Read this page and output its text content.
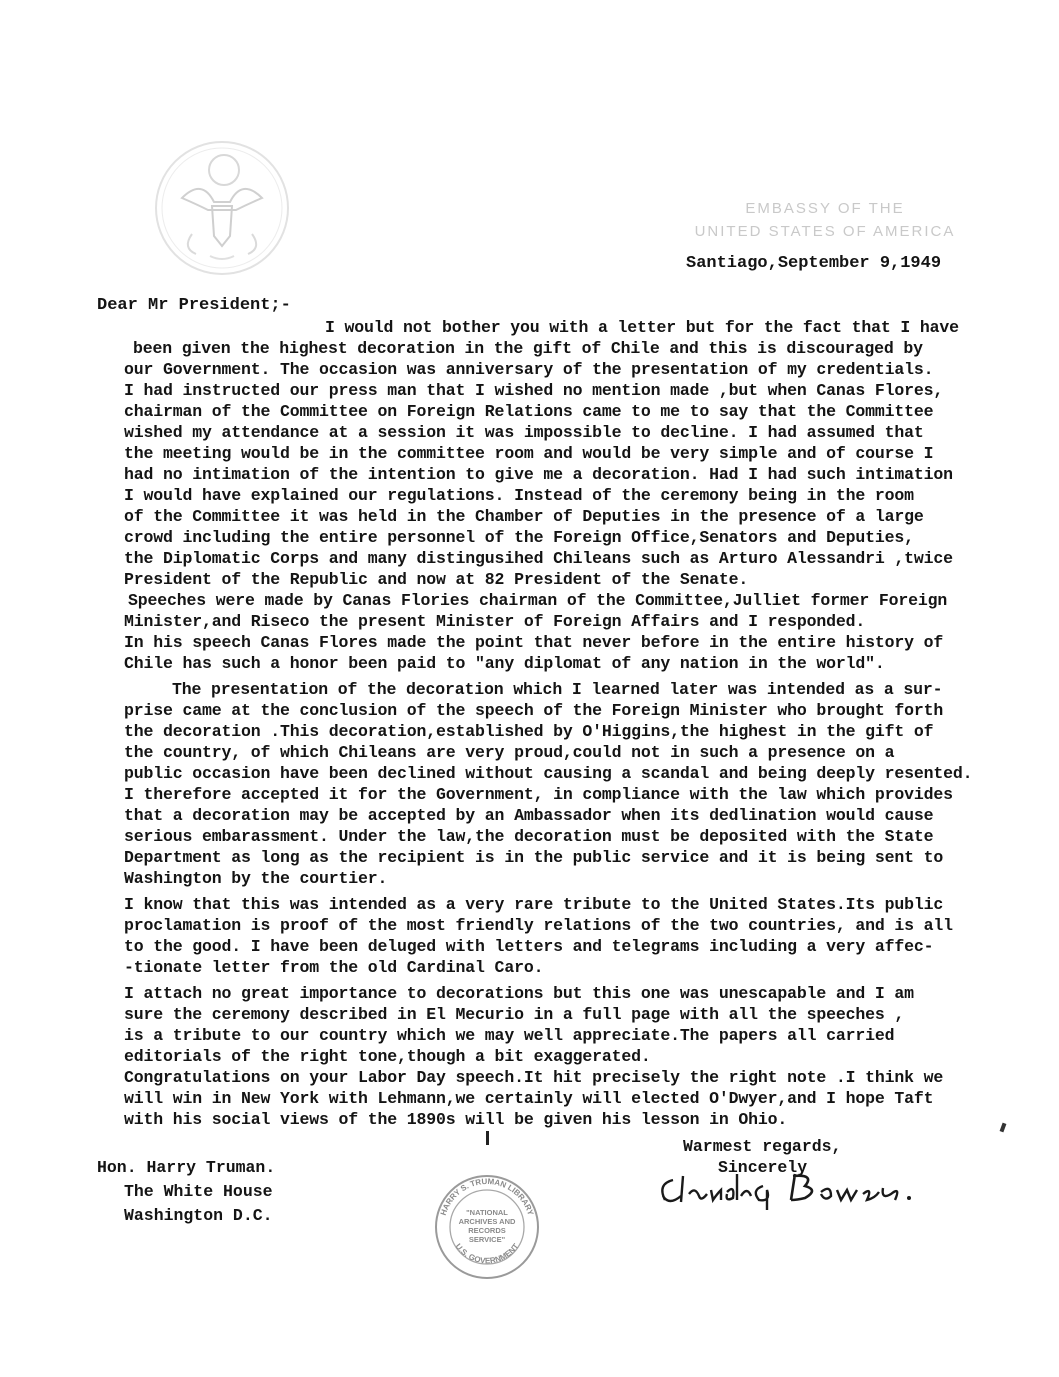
EMBASSY OF THE
UNITED STATES OF AMERICA
Santiago,September 9,1949
Dear Mr President;-
I would not bother you with a letter but for the fact that I have
been given the highest decoration in the gift of Chile and this is discouraged by
our Government. The occasion was anniversary of the presentation of my credentials.
I had instructed our press man that I wished no mention made ,but when Canas Flores,
chairman of the Committee on Foreign Relations came to me to say that the Committee
wished my attendance at a session it was impossible to decline. I had assumed that
the meeting would be in the committee room and would be very simple and of course I
had no intimation of the intention to give me a decoration. Had I had such intimation
I would have explained our regulations. Instead of the ceremony being in the room
of the Committee it was held in the Chamber of Deputies in the presence of a large
crowd including the entire personnel of the Foreign Office,Senators and Deputies,
the Diplomatic Corps and many distingusihed Chileans such as Arturo Alessandri ,twice
President of the Republic and now at 82 President of the Senate.
Speeches were made by Canas Flories chairman of the Committee,Julliet former Foreign
Minister,and Riseco the present Minister of Foreign Affairs and I responded.
In his speech Canas Flores made the point that never before in the entire history of
Chile has such a honor been paid to "any diplomat of any nation in the world".
The presentation of the decoration which I learned later was intended as a sur-
prise came at the conclusion of the speech of the Foreign Minister who brought forth
the decoration .This decoration,established by O'Higgins,the highest in the gift of
the country, of which Chileans are very proud,could not in such a presence on a
public occasion have been declined without causing a scandal and being deeply resented.
I therefore accepted it for the Government, in compliance with the law which provides
that a decoration may be accepted by an Ambassador when its dedlination would cause
serious embarassment. Under the law,the decoration must be deposited with the State
Department as long as the recipient is in the public service and it is being sent to
Washington by the courtier.
I know that this was intended as a very rare tribute to the United States.Its public
proclamation is proof of the most friendly relations of the two countries, and is all
to the good. I have been deluged with letters and telegrams including a very affec-
-tionate letter from the old Cardinal Caro.
I attach no great importance to decorations but this one was unescapable and I am
sure the ceremony described in El Mecurio in a full page with all the speeches ,
is a tribute to our country which we may well appreciate.The papers all carried
editorials of the right tone,though a bit exaggerated.
Congratulations on your Labor Day speech.It hit precisely the right note .I think we
will win in New York with Lehmann,we certainly will elected O'Dwyer,and I hope Taft
with his social views of the 1890s will be given his lesson in Ohio.
Warmest regards,
Sincerely
Hon. Harry Truman.
The White House
Washington D.C.	HARRY S. TRUMAN LIBRARY
U.S. GOVERNMENT
"NATIONAL ARCHIVES AND RECORDS SERVICE"
